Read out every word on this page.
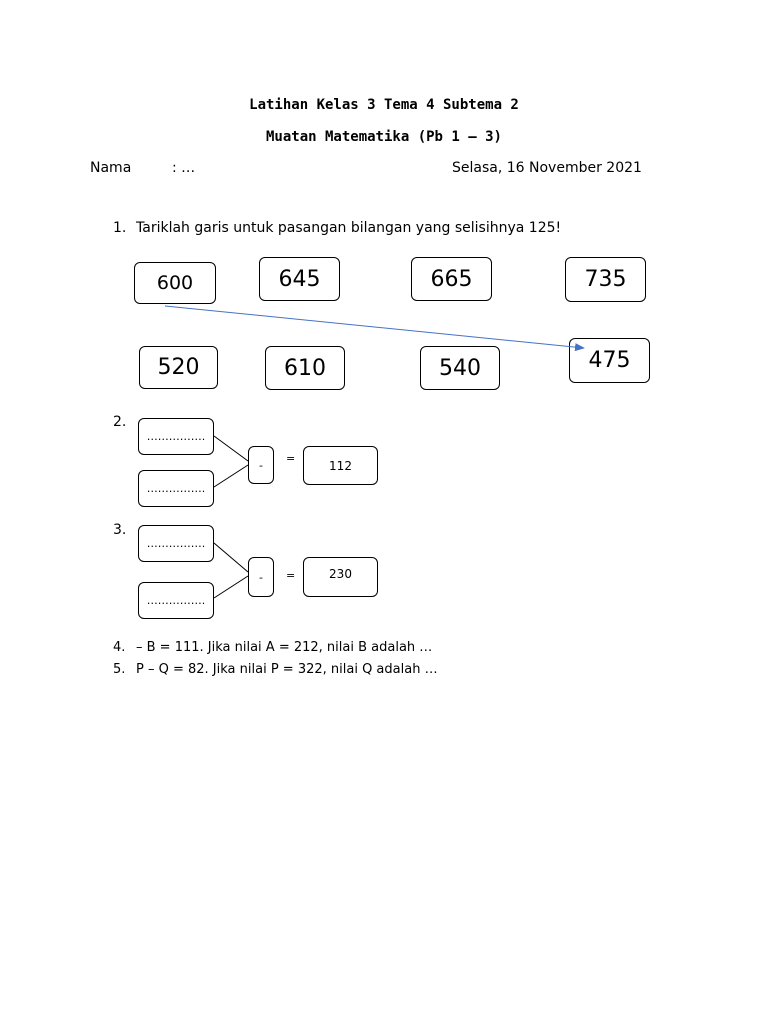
Latihan Kelas 3 Tema 4 Subtema 2
Muatan Matematika (Pb 1 – 3)
Nama	: …	Selasa, 16 November 2021
1. Tariklah garis untuk pasangan bilangan yang selisihnya 125!
600	645	665	735
520	610	540	475
2.
…………….
…………….
-	=	112
3.
…………….
…………….
-	=	230
4. – B = 111. Jika nilai A = 212, nilai B adalah …
5. P – Q = 82. Jika nilai P = 322, nilai Q adalah …
